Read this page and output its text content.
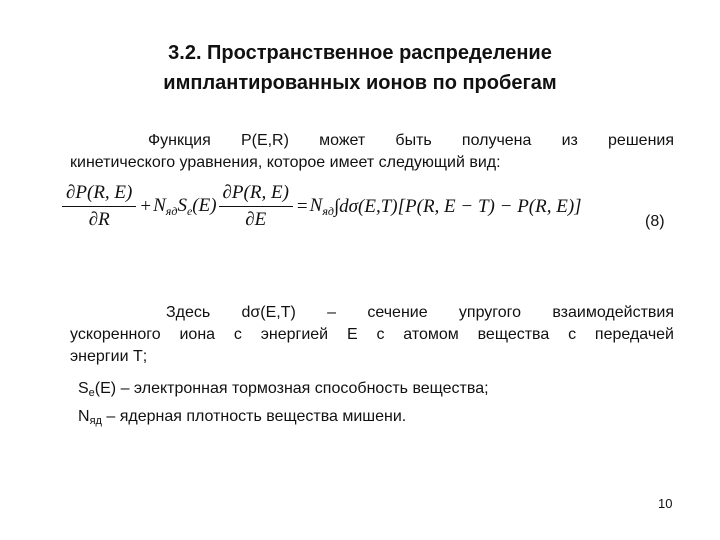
3.2. Пространственное распределение
имплантированных ионов по пробегам
Функция P(E,R) может быть получена из решения
кинетического уравнения, которое имеет следующий вид:
$\frac{\partial P(R, E)}{\partial R} + N_{яд}$ $S_e(E) \frac{\partial P(R, E)}{\partial E} = N_{яд}$ ∫dσ(E,T)[P(R, E − T) − P(R, E)]
(8)
Здесь dσ(E,T) – сечение упругого взаимодействия
ускоренного иона с энергией Е с атомом вещества с передачей
энергии Т;
$S_е(E)$ – электронная тормозная способность вещества;
$N_{яд}$ – ядерная плотность вещества мишени.
10
